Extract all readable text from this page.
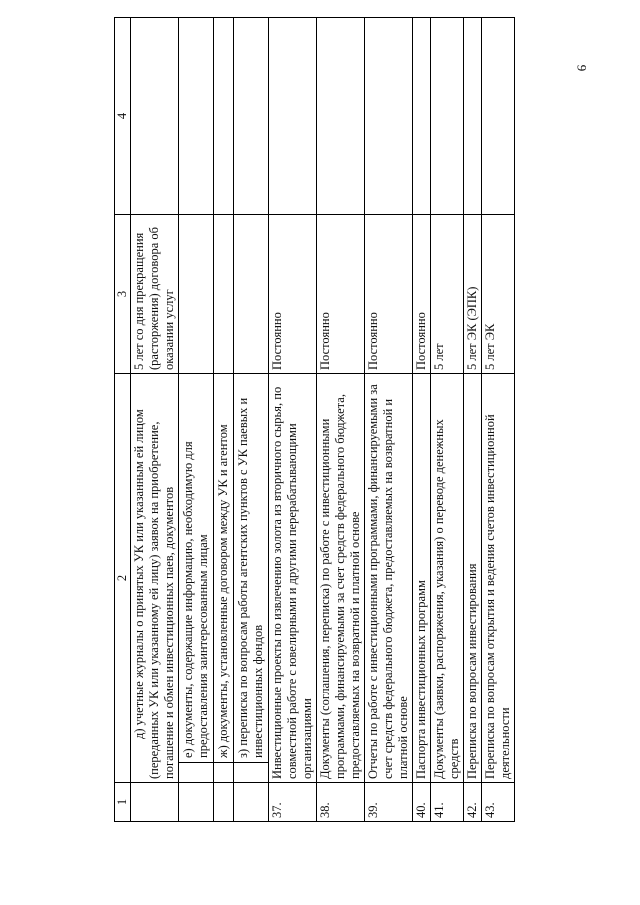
9
1	2	3	4
	д) учетные журналы о принятых УК или указанным ей лицом (переданных УК или указанному ей лицу) заявок на приобретение, погашение и обмен инвестиционных паев, документов	5 лет со дня прекращения (расторжения) договора об оказании услуг	

	е) документы, содержащие информацию, необходимую для предоставления заинтересованным лицам		

	ж) документы, установленные договором между УК и агентом		

	з) переписка по вопросам работы агентских пунктов с УК паевых и инвестиционных фондов		

37.	Инвестиционные проекты по извлечению золота из вторичного сырья, по совместной работе с ювелирными и другими перерабатывающими организациями	Постоянно	
38.	Документы (соглашения, переписка) по работе с инвестиционными программами, финансируемыми за счет средств федерального бюджета, предоставляемых на возвратной и платной основе	Постоянно	
39.	Отчеты по работе с инвестиционными программами, финансируемыми за счет средств федерального бюджета, предоставляемых на возвратной и платной основе	Постоянно	
40.	Паспорта инвестиционных программ	Постоянно	
41.	Документы (заявки, распоряжения, указания) о переводе денежных средств	5 лет	
42.	Переписка по вопросам инвестирования	5 лет ЭК (ЭПК)	
43.	Переписка по вопросам открытия и ведения счетов инвестиционной деятельности	5 лет ЭК	
